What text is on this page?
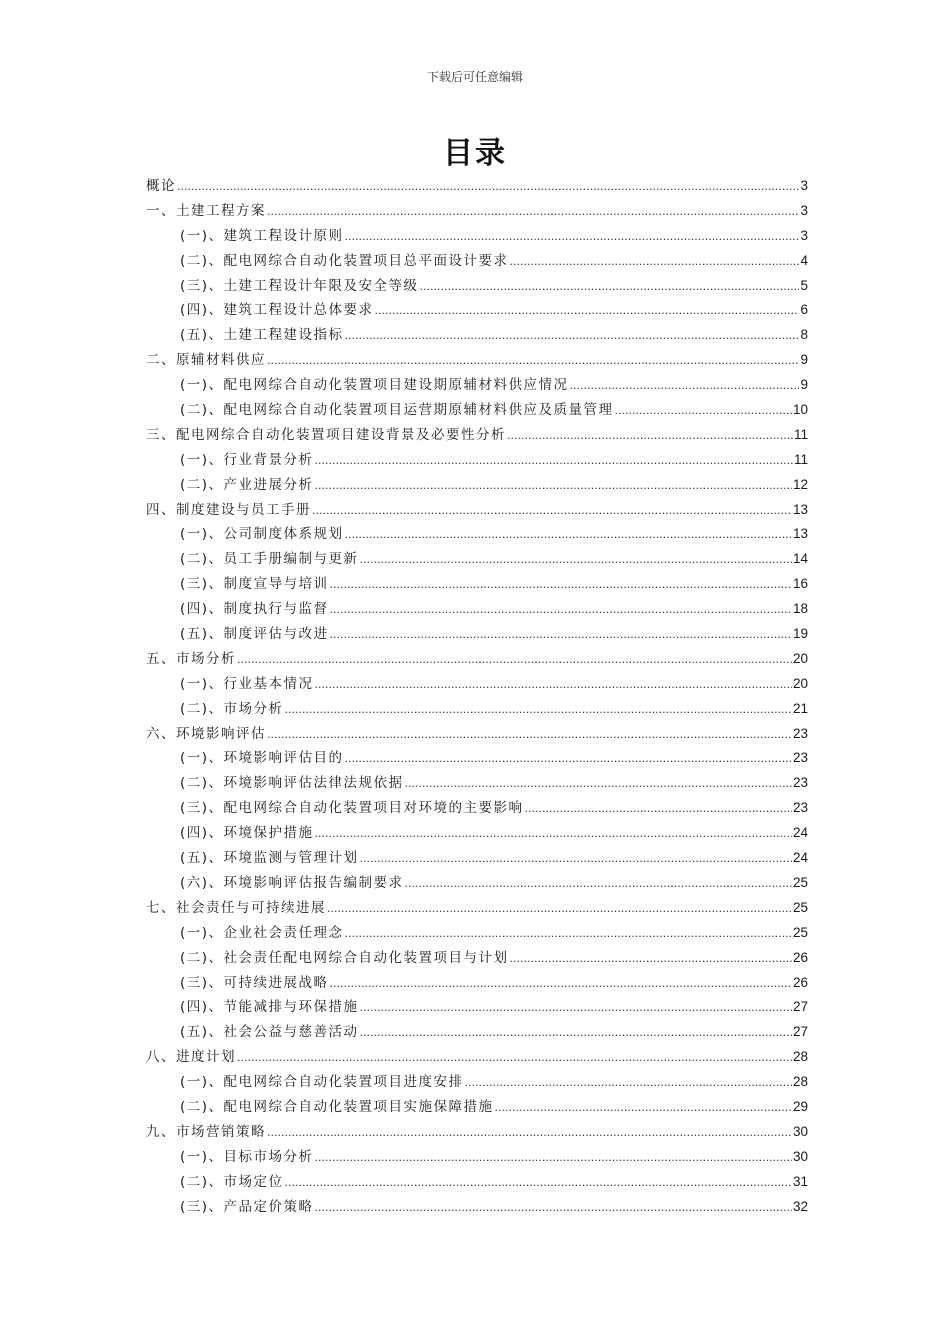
下载后可任意编辑
目录
概论 .....	3
一、土建工程方案 .....	3
(一)、建筑工程设计原则 .....	3
(二)、配电网综合自动化装置项目总平面设计要求 .....	4
(三)、土建工程设计年限及安全等级 .....	5
(四)、建筑工程设计总体要求 .....	6
(五)、土建工程建设指标 .....	8
二、原辅材料供应 .....	9
(一)、配电网综合自动化装置项目建设期原辅材料供应情况 .....	9
(二)、配电网综合自动化装置项目运营期原辅材料供应及质量管理 .....	10
三、配电网综合自动化装置项目建设背景及必要性分析 .....	11
(一)、行业背景分析 .....	11
(二)、产业进展分析 .....	12
四、制度建设与员工手册 .....	13
(一)、公司制度体系规划 .....	13
(二)、员工手册编制与更新 .....	14
(三)、制度宣导与培训 .....	16
(四)、制度执行与监督 .....	18
(五)、制度评估与改进 .....	19
五、市场分析 .....	20
(一)、行业基本情况 .....	20
(二)、市场分析 .....	21
六、环境影响评估 .....	23
(一)、环境影响评估目的 .....	23
(二)、环境影响评估法律法规依据 .....	23
(三)、配电网综合自动化装置项目对环境的主要影响 .....	23
(四)、环境保护措施 .....	24
(五)、环境监测与管理计划 .....	24
(六)、环境影响评估报告编制要求 .....	25
七、社会责任与可持续进展 .....	25
(一)、企业社会责任理念 .....	25
(二)、社会责任配电网综合自动化装置项目与计划 .....	26
(三)、可持续进展战略 .....	26
(四)、节能减排与环保措施 .....	27
(五)、社会公益与慈善活动 .....	27
八、进度计划 .....	28
(一)、配电网综合自动化装置项目进度安排 .....	28
(二)、配电网综合自动化装置项目实施保障措施 .....	29
九、市场营销策略 .....	30
(一)、目标市场分析 .....	30
(二)、市场定位 .....	31
(三)、产品定价策略 .....	32
